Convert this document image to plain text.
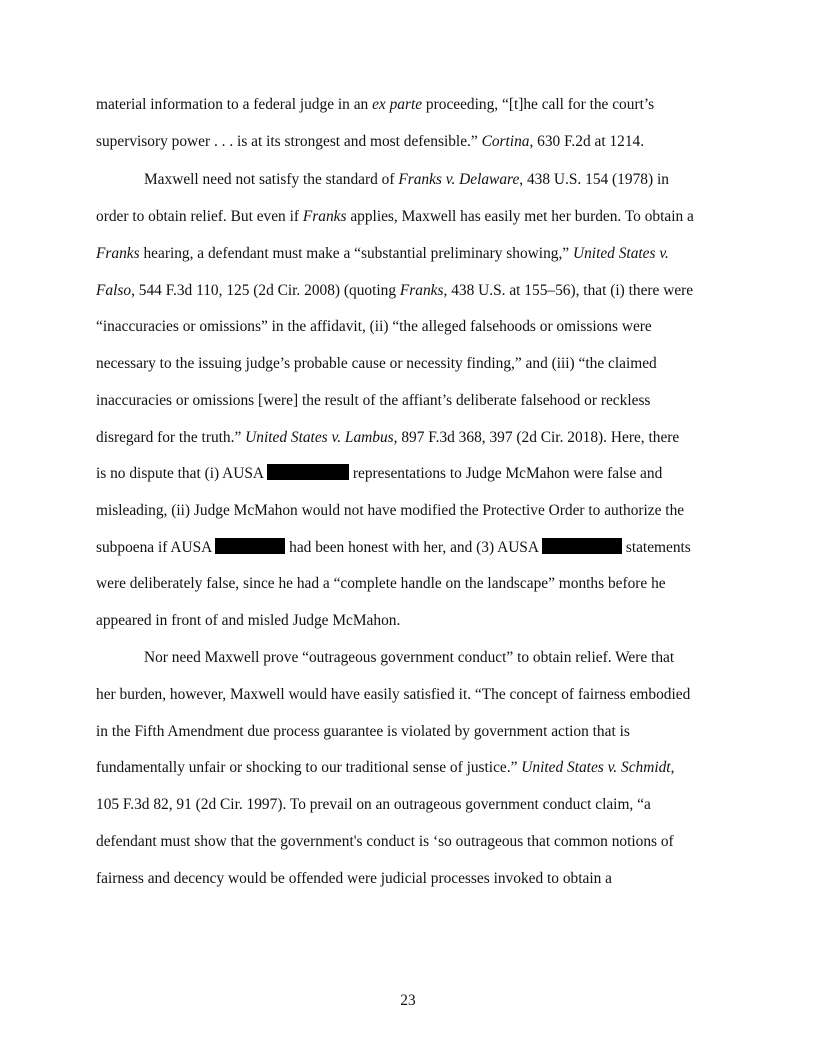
material information to a federal judge in an ex parte proceeding, “[t]he call for the court’s
supervisory power . . . is at its strongest and most defensible.” Cortina, 630 F.2d at 1214.
Maxwell need not satisfy the standard of Franks v. Delaware, 438 U.S. 154 (1978) in
order to obtain relief. But even if Franks applies, Maxwell has easily met her burden. To obtain a
Franks hearing, a defendant must make a “substantial preliminary showing,” United States v.
Falso, 544 F.3d 110, 125 (2d Cir. 2008) (quoting Franks, 438 U.S. at 155–56), that (i) there were
“inaccuracies or omissions” in the affidavit, (ii) “the alleged falsehoods or omissions were
necessary to the issuing judge’s probable cause or necessity finding,” and (iii) “the claimed
inaccuracies or omissions [were] the result of the affiant’s deliberate falsehood or reckless
disregard for the truth.” United States v. Lambus, 897 F.3d 368, 397 (2d Cir. 2018). Here, there
is no dispute that (i) AUSA	representations to Judge McMahon were false and
misleading, (ii) Judge McMahon would not have modified the Protective Order to authorize the
subpoena if AUSA	had been honest with her, and (3) AUSA	statements
were deliberately false, since he had a “complete handle on the landscape” months before he
appeared in front of and misled Judge McMahon.
Nor need Maxwell prove “outrageous government conduct” to obtain relief. Were that
her burden, however, Maxwell would have easily satisfied it. “The concept of fairness embodied
in the Fifth Amendment due process guarantee is violated by government action that is
fundamentally unfair or shocking to our traditional sense of justice.” United States v. Schmidt,
105 F.3d 82, 91 (2d Cir. 1997). To prevail on an outrageous government conduct claim, “a
defendant must show that the government's conduct is ‘so outrageous that common notions of
fairness and decency would be offended were judicial processes invoked to obtain a
23
